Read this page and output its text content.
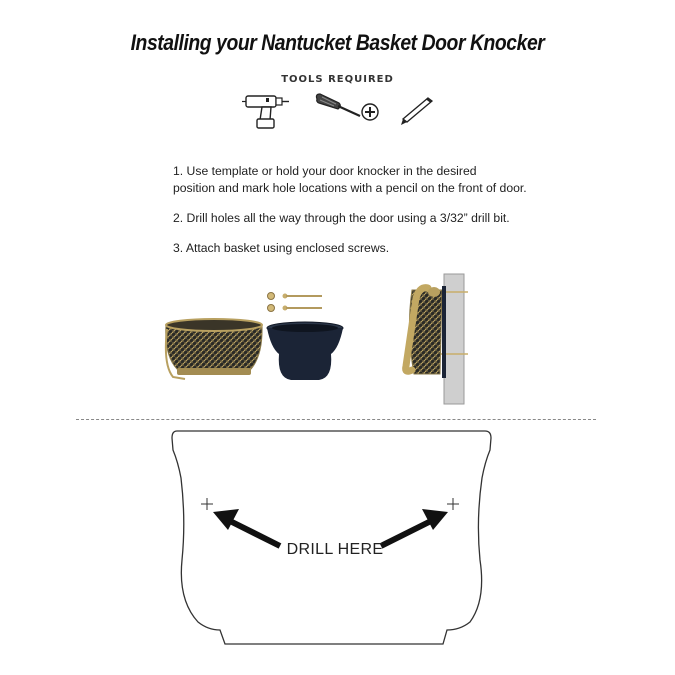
Installing your Nantucket Basket Door Knocker
TOOLS REQUIRED

1. Use template or hold your door knocker in the desired
position and mark hole locations with a pencil on the front of door.

2. Drill holes all the way through the door using a 3/32” drill bit.

3. Attach basket using enclosed screws.

DRILL HERE
